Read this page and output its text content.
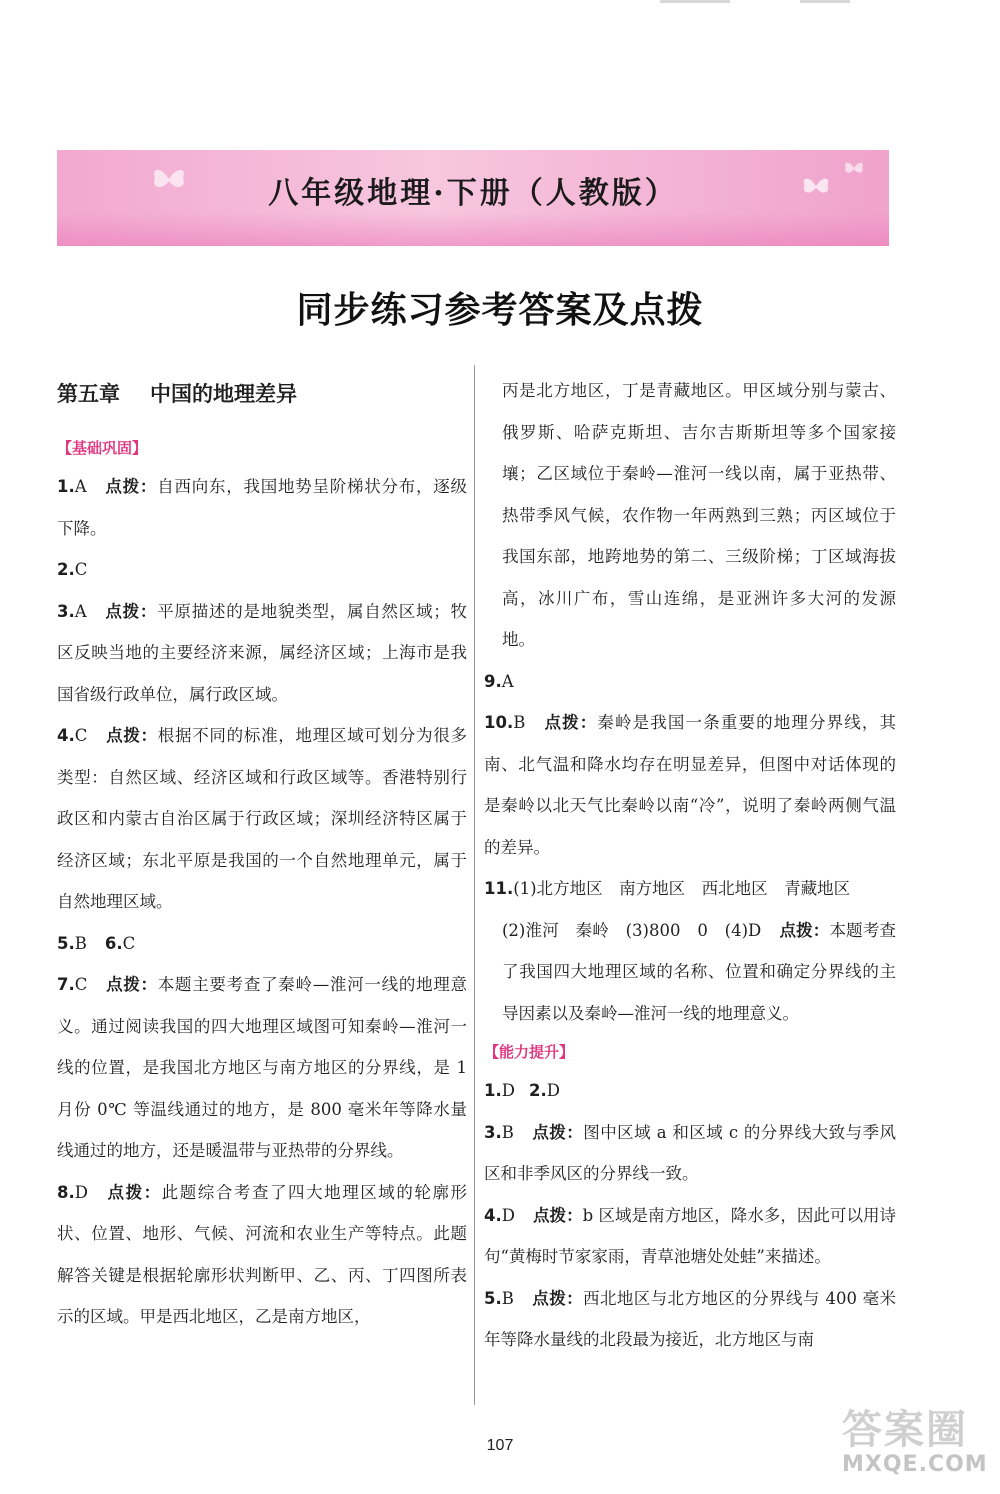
八年级地理·下册（人教版）
同步练习参考答案及点拨
第五章 中国的地理差异
【基础巩固】
1.A 点拨：自西向东，我国地势呈阶梯状分布，逐级下降。
2.C
3.A 点拨：平原描述的是地貌类型，属自然区域；牧区反映当地的主要经济来源，属经济区域；上海市是我国省级行政单位，属行政区域。
4.C 点拨：根据不同的标准，地理区域可划分为很多类型：自然区域、经济区域和行政区域等。香港特别行政区和内蒙古自治区属于行政区域；深圳经济特区属于经济区域；东北平原是我国的一个自然地理单元，属于自然地理区域。
5.B 6.C
7.C 点拨：本题主要考查了秦岭—淮河一线的地理意义。通过阅读我国的四大地理区域图可知秦岭—淮河一线的位置，是我国北方地区与南方地区的分界线，是 1 月份 0℃ 等温线通过的地方，是 800 毫米年等降水量线通过的地方，还是暖温带与亚热带的分界线。
8.D 点拨：此题综合考查了四大地理区域的轮廓形状、位置、地形、气候、河流和农业生产等特点。此题解答关键是根据轮廓形状判断甲、乙、丙、丁四图所表示的区域。甲是西北地区，乙是南方地区，
丙是北方地区，丁是青藏地区。甲区域分别与蒙古、俄罗斯、哈萨克斯坦、吉尔吉斯斯坦等多个国家接壤；乙区域位于秦岭—淮河一线以南，属于亚热带、热带季风气候，农作物一年两熟到三熟；丙区域位于我国东部，地跨地势的第二、三级阶梯；丁区域海拔高，冰川广布，雪山连绵，是亚洲许多大河的发源地。
9.A
10.B 点拨：秦岭是我国一条重要的地理分界线，其南、北气温和降水均存在明显差异，但图中对话体现的是秦岭以北天气比秦岭以南“冷”，说明了秦岭两侧气温的差异。
11.(1)北方地区　南方地区　西北地区　青藏地区
(2)淮河　秦岭　(3)800　0　(4)D 点拨：本题考查了我国四大地理区域的名称、位置和确定分界线的主导因素以及秦岭—淮河一线的地理意义。
【能力提升】
1.D 2.D
3.B 点拨：图中区域 a 和区域 c 的分界线大致与季风区和非季风区的分界线一致。
4.D 点拨：b 区域是南方地区，降水多，因此可以用诗句“黄梅时节家家雨，青草池塘处处蛙”来描述。
5.B 点拨：西北地区与北方地区的分界线与 400 毫米年等降水量线的北段最为接近，北方地区与南
107	答案圈
MXQE.COM
